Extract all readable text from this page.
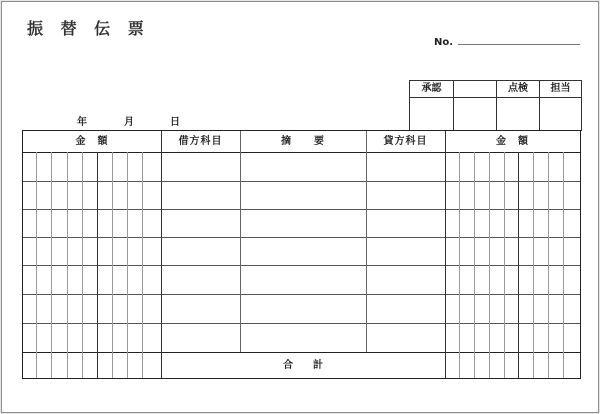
振 替 伝 票
No.
承認	点検	担当
年	月	日
金　額	借方科目	摘　　要	貸方科目	金　額
合　　計
